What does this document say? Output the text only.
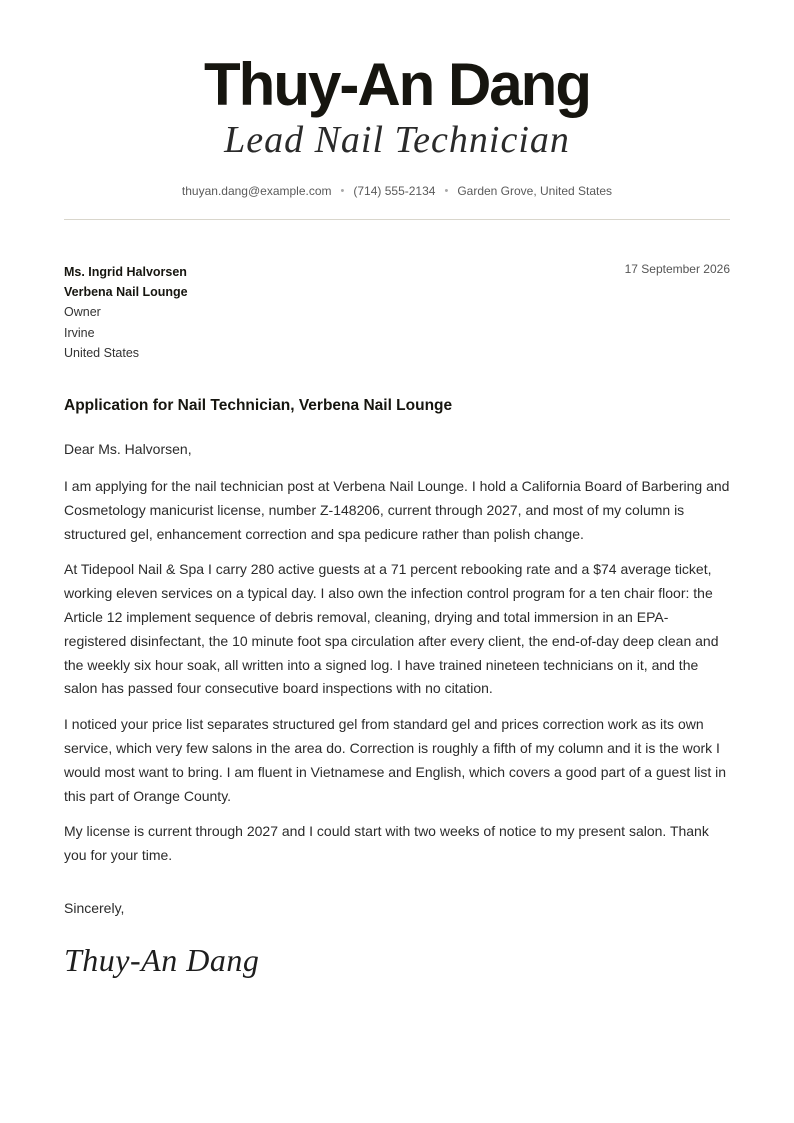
Thuy-An Dang
Lead Nail Technician
thuyan.dang@example.com • (714) 555-2134 • Garden Grove, United States
Ms. Ingrid Halvorsen
Verbena Nail Lounge
Owner
Irvine
United States
17 September 2026
Application for Nail Technician, Verbena Nail Lounge
Dear Ms. Halvorsen,

I am applying for the nail technician post at Verbena Nail Lounge. I hold a California Board of Barbering and Cosmetology manicurist license, number Z-148206, current through 2027, and most of my column is structured gel, enhancement correction and spa pedicure rather than polish change.

At Tidepool Nail & Spa I carry 280 active guests at a 71 percent rebooking rate and a $74 average ticket, working eleven services on a typical day. I also own the infection control program for a ten chair floor: the Article 12 implement sequence of debris removal, cleaning, drying and total immersion in an EPA-registered disinfectant, the 10 minute foot spa circulation after every client, the end-of-day deep clean and the weekly six hour soak, all written into a signed log. I have trained nineteen technicians on it, and the salon has passed four consecutive board inspections with no citation.

I noticed your price list separates structured gel from standard gel and prices correction work as its own service, which very few salons in the area do. Correction is roughly a fifth of my column and it is the work I would most want to bring. I am fluent in Vietnamese and English, which covers a good part of a guest list in this part of Orange County.

My license is current through 2027 and I could start with two weeks of notice to my present salon. Thank you for your time.

Sincerely,
Thuy-An Dang
